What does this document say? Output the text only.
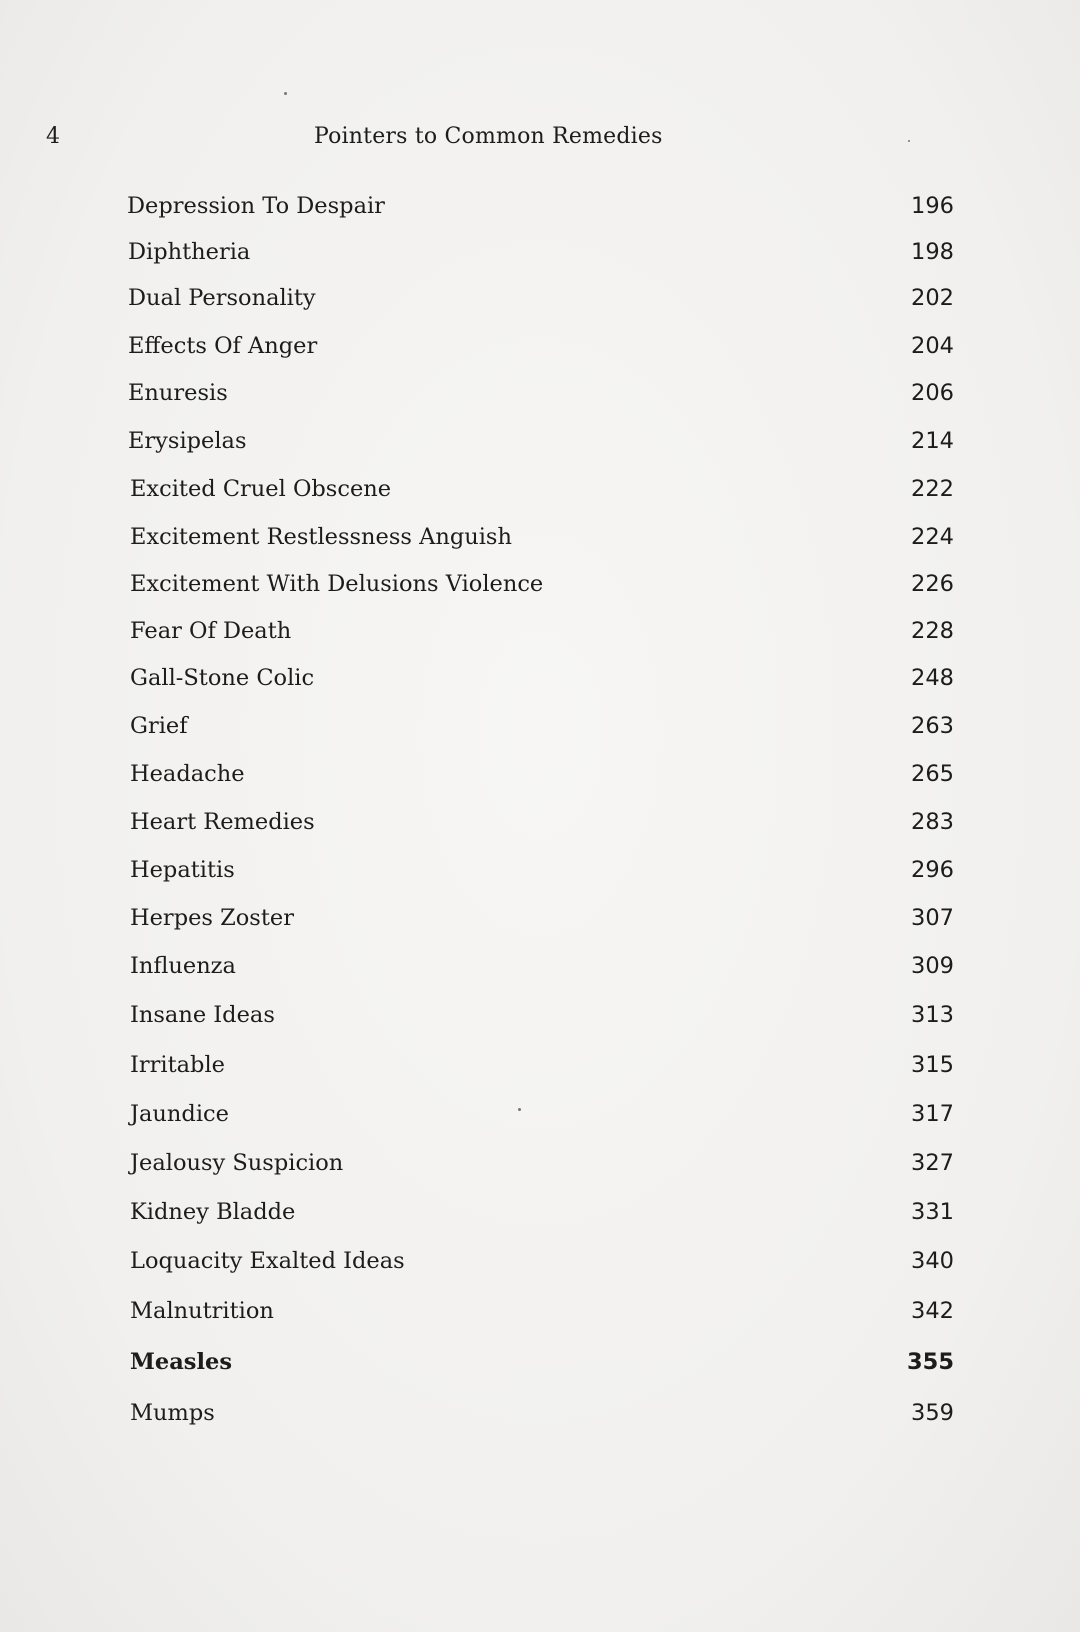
4	Pointers to Common Remedies
Depression To Despair	196
Diphtheria	198
Dual Personality	202
Effects Of Anger	204
Enuresis	206
Erysipelas	214
Excited Cruel Obscene	222
Excitement Restlessness Anguish	224
Excitement With Delusions Violence	226
Fear Of Death	228
Gall-Stone Colic	248
Grief	263
Headache	265
Heart Remedies	283
Hepatitis	296
Herpes Zoster	307
Influenza	309
Insane Ideas	313
Irritable	315
Jaundice	317
Jealousy Suspicion	327
Kidney Bladde	331
Loquacity Exalted Ideas	340
Malnutrition	342
Measles	355
Mumps	359
